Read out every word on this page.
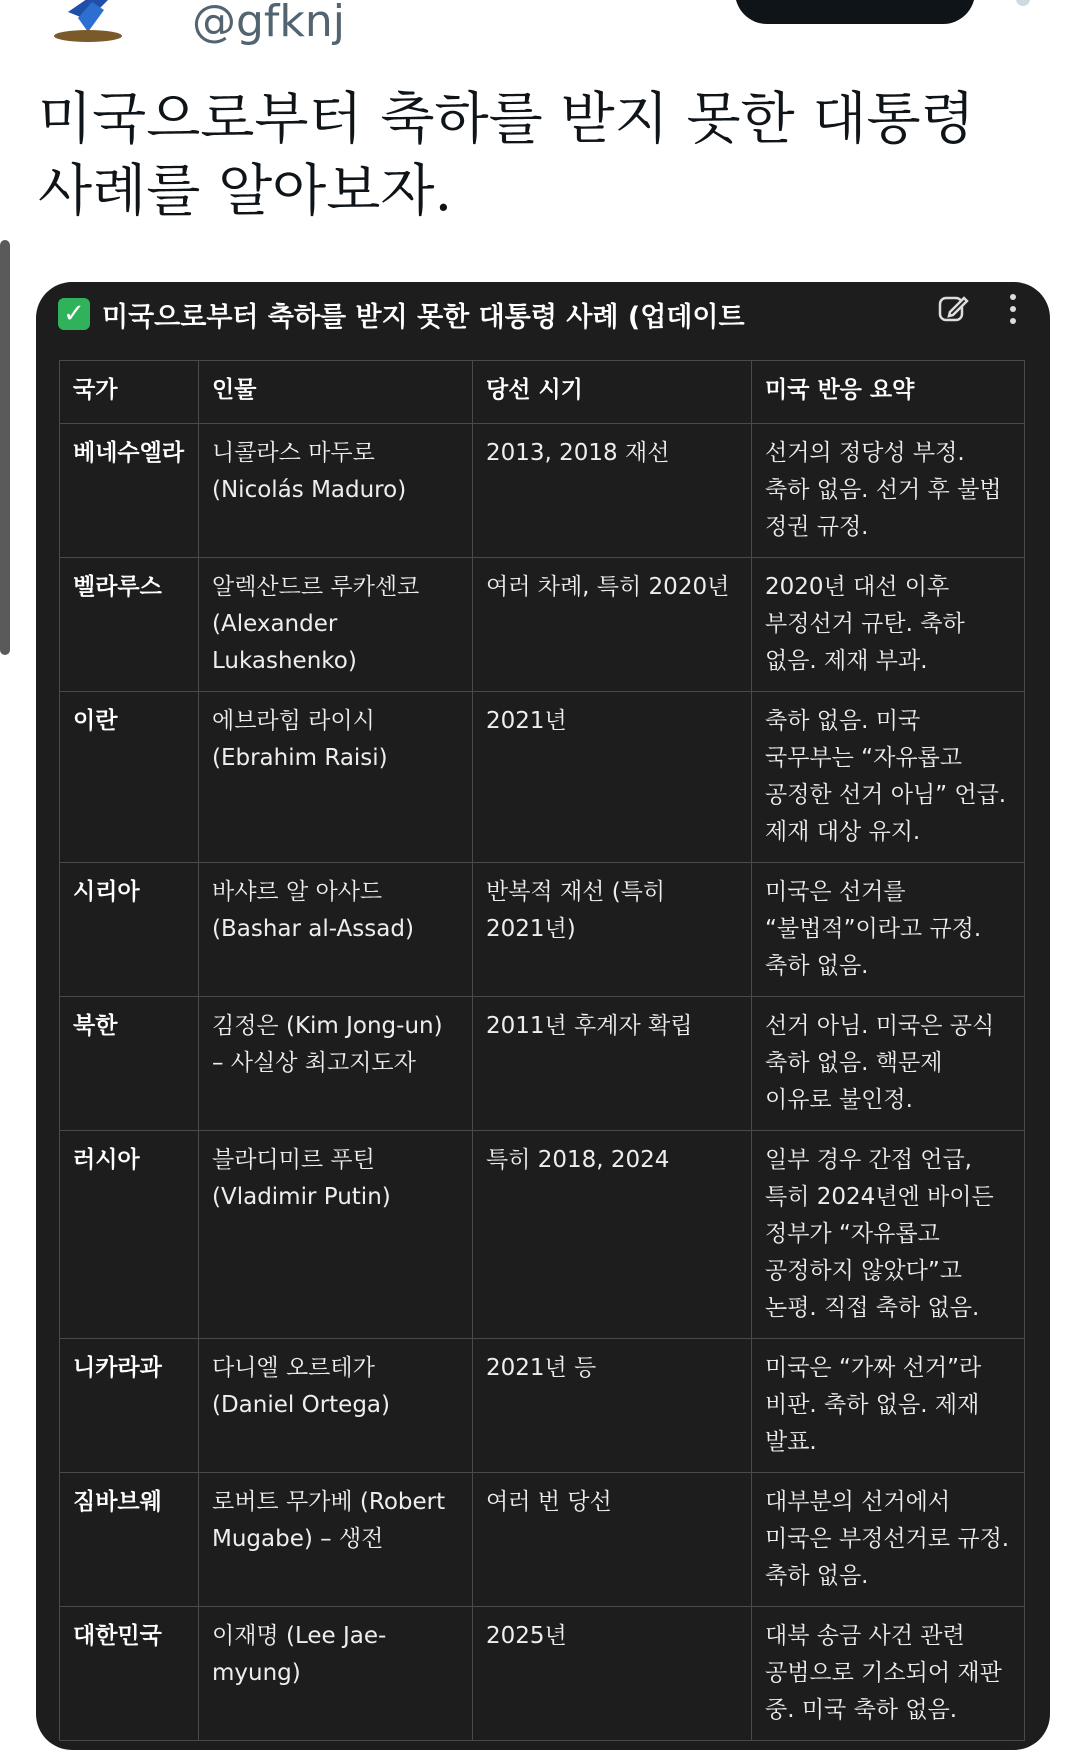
@gfknj

미국으로부터 축하를 받지 못한 대통령 사례를 알아보자.

✓ 미국으로부터 축하를 받지 못한 대통령 사례 (업데이트
국가	인물	당선 시기	미국 반응 요약
베네수엘라	니콜라스 마두로 (Nicolás Maduro)	2013, 2018 재선	선거의 정당성 부정. 축하 없음. 선거 후 불법 정권 규정.
벨라루스	알렉산드르 루카센코 (Alexander Lukashenko)	여러 차례, 특히 2020년	2020년 대선 이후 부정선거 규탄. 축하 없음. 제재 부과.
이란	에브라힘 라이시 (Ebrahim Raisi)	2021년	축하 없음. 미국 국무부는 “자유롭고 공정한 선거 아님” 언급. 제재 대상 유지.
시리아	바샤르 알 아사드 (Bashar al-Assad)	반복적 재선 (특히 2021년)	미국은 선거를 “불법적”이라고 규정. 축하 없음.
북한	김정은 (Kim Jong-un) – 사실상 최고지도자	2011년 후계자 확립	선거 아님. 미국은 공식 축하 없음. 핵문제 이유로 불인정.
러시아	블라디미르 푸틴 (Vladimir Putin)	특히 2018, 2024	일부 경우 간접 언급, 특히 2024년엔 바이든 정부가 “자유롭고 공정하지 않았다”고 논평. 직접 축하 없음.
니카라과	다니엘 오르테가 (Daniel Ortega)	2021년 등	미국은 “가짜 선거”라 비판. 축하 없음. 제재 발표.
짐바브웨	로버트 무가베 (Robert Mugabe) – 생전	여러 번 당선	대부분의 선거에서 미국은 부정선거로 규정. 축하 없음.
대한민국	이재명 (Lee Jae-myung)	2025년	대북 송금 사건 관련 공범으로 기소되어 재판 중. 미국 축하 없음.
